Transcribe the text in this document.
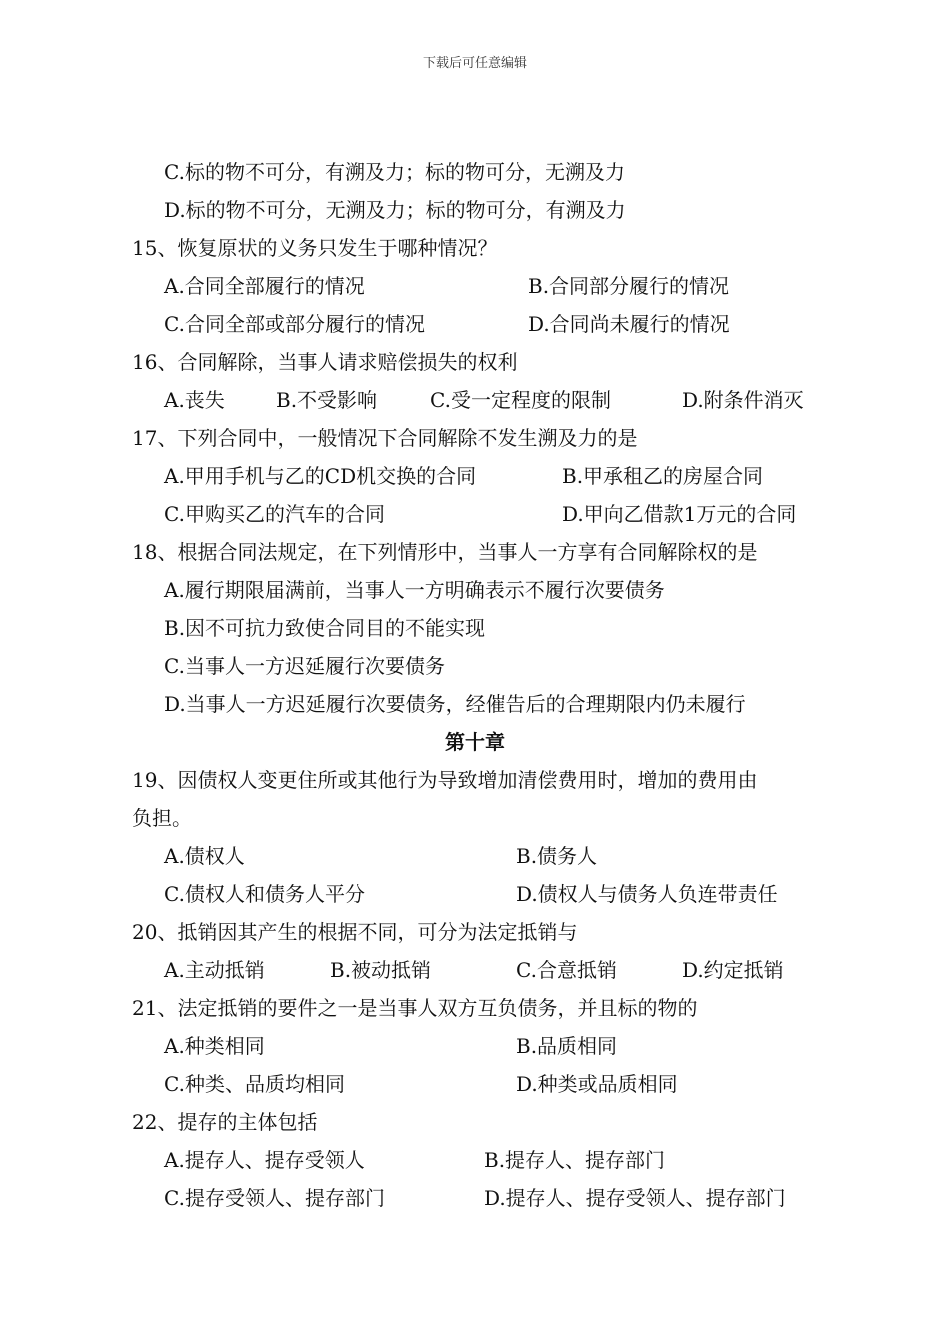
下载后可任意编辑
C.标的物不可分，有溯及力；标的物可分，无溯及力
D.标的物不可分，无溯及力；标的物可分，有溯及力
15、恢复原状的义务只发生于哪种情况？
A.合同全部履行的情况	B.合同部分履行的情况
C.合同全部或部分履行的情况	D.合同尚未履行的情况
16、合同解除，当事人请求赔偿损失的权利
A.丧失	B.不受影响	C.受一定程度的限制	D.附条件消灭
17、下列合同中，一般情况下合同解除不发生溯及力的是
A.甲用手机与乙的CD机交换的合同	B.甲承租乙的房屋合同
C.甲购买乙的汽车的合同	D.甲向乙借款1万元的合同
18、根据合同法规定，在下列情形中，当事人一方享有合同解除权的是
A.履行期限届满前，当事人一方明确表示不履行次要债务
B.因不可抗力致使合同目的不能实现
C.当事人一方迟延履行次要债务
D.当事人一方迟延履行次要债务，经催告后的合理期限内仍未履行
第十章
19、因债权人变更住所或其他行为导致增加清偿费用时，增加的费用由
负担。
A.债权人	B.债务人
C.债权人和债务人平分	D.债权人与债务人负连带责任
20、抵销因其产生的根据不同，可分为法定抵销与
A.主动抵销	B.被动抵销	C.合意抵销	D.约定抵销
21、法定抵销的要件之一是当事人双方互负债务，并且标的物的
A.种类相同	B.品质相同
C.种类、品质均相同	D.种类或品质相同
22、提存的主体包括
A.提存人、提存受领人	B.提存人、提存部门
C.提存受领人、提存部门	D.提存人、提存受领人、提存部门
